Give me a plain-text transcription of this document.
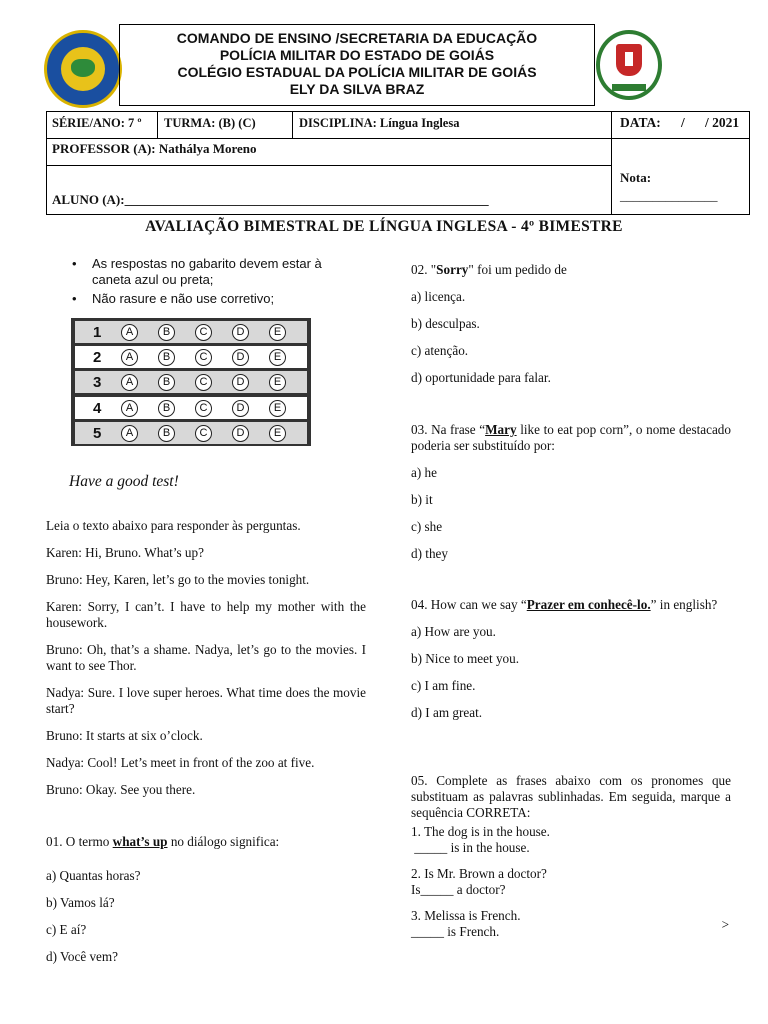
COMANDO DE ENSINO /SECRETARIA DA EDUCAÇÃO
POLÍCIA MILITAR DO ESTADO DE GOIÁS
COLÉGIO ESTADUAL DA POLÍCIA MILITAR DE GOIÁS
ELY DA SILVA BRAZ
SÉRIE/ANO: 7 º	TURMA: (B) (C)	DISCIPLINA: Língua Inglesa	DATA:      /      / 2021
PROFESSOR (A): Nathálya Moreno
ALUNO (A):________________________________________________________
Nota:
_______________
AVALIAÇÃO BIMESTRAL DE LÍNGUA INGLESA - 4º BIMESTRE
• As respostas no gabarito devem estar à caneta azul ou preta;
• Não rasure e não use corretivo;
1	A	B	C	D	E
2	A	B	C	D	E
3	A	B	C	D	E
4	A	B	C	D	E
5	A	B	C	D	E
Have a good test!
Leia o texto abaixo para responder às perguntas.
Karen: Hi, Bruno. What’s up?
Bruno: Hey, Karen, let’s go to the movies tonight.
Karen: Sorry, I can’t. I have to help my mother with the housework.
Bruno: Oh, that’s a shame. Nadya, let’s go to the movies. I want to see Thor.
Nadya: Sure. I love super heroes. What time does the movie start?
Bruno: It starts at six o’clock.
Nadya: Cool! Let’s meet in front of the zoo at five.
Bruno: Okay. See you there.
01. O termo what’s up no diálogo significa:
a) Quantas horas?
b) Vamos lá?
c) E aí?
d) Você vem?
02. "Sorry" foi um pedido de
a) licença.
b) desculpas.
c) atenção.
d) oportunidade para falar.
03. Na frase “Mary like to eat pop corn”, o nome destacado poderia ser substituído por:
a) he
b) it
c) she
d) they
04. How can we say “Prazer em conhecê-lo.” in english?
a) How are you.
b) Nice to meet you.
c) I am fine.
d) I am great.
05. Complete as frases abaixo com os pronomes que substituam as palavras sublinhadas. Em seguida, marque a sequência CORRETA:
1. The dog is in the house.
_____ is in the house.
2. Is Mr. Brown a doctor?
Is_____ a doctor?
3. Melissa is French.
_____ is French.	>
